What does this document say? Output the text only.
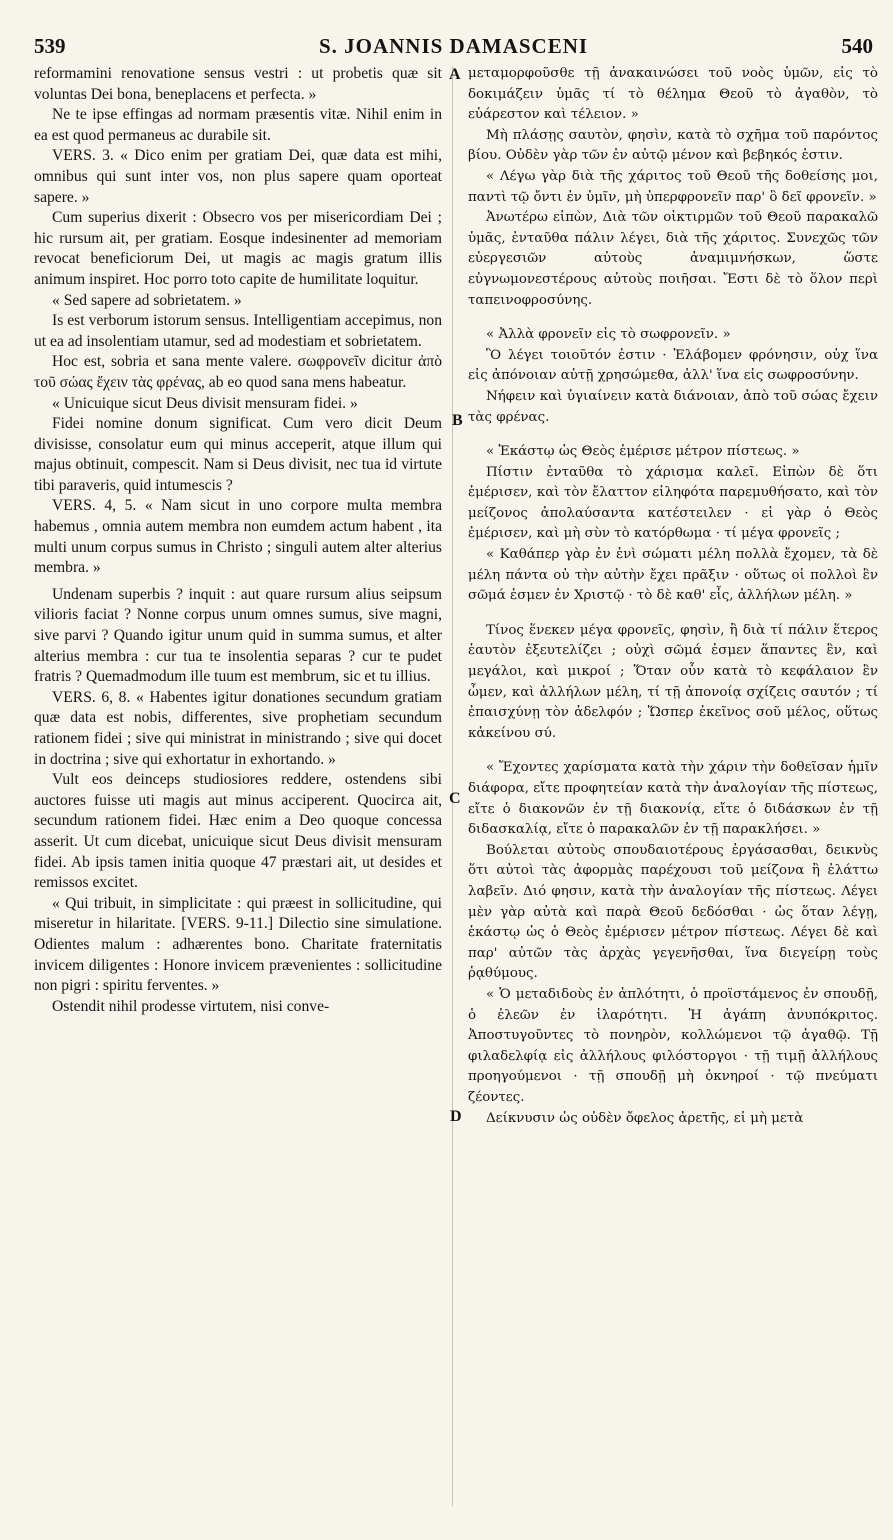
539	S. JOANNIS DAMASCENI	540
A
B
C
D

reformamini renovatione sensus vestri : ut probetis quæ sit voluntas Dei bona, beneplacens et perfecta. »

Ne te ipse effingas ad normam præsentis vitæ. Nihil enim in ea est quod permaneus ac durabile sit.

VERS. 3. « Dico enim per gratiam Dei, quæ data est mihi, omnibus qui sunt inter vos, non plus sapere quam oporteat sapere. »

Cum superius dixerit : Obsecro vos per misericordiam Dei ; hic rursum ait, per gratiam. Eosque indesinenter ad memoriam revocat beneficiorum Dei, ut magis ac magis gratum illis animum inspiret. Hoc porro toto capite de humilitate loquitur.

« Sed sapere ad sobrietatem. »

Is est verborum istorum sensus. Intelligentiam accepimus, non ut ea ad insolentiam utamur, sed ad modestiam et sobrietatem.

Hoc est, sobria et sana mente valere. σωφρονεῖν dicitur ἀπὸ τοῦ σώας ἔχειν τὰς φρένας, ab eo quod sana mens habeatur.

« Unicuique sicut Deus divisit mensuram fidei. »

Fidei nomine donum significat. Cum vero dicit Deum divisisse, consolatur eum qui minus acceperit, atque illum qui majus obtinuit, compescit. Nam si Deus divisit, nec tua id virtute tibi paraveris, quid intumescis ?

VERS. 4, 5. « Nam sicut in uno corpore multa membra habemus , omnia autem membra non eumdem actum habent , ita multi unum corpus sumus in Christo ; singuli autem alter alterius membra. »

Undenam superbis ? inquit : aut quare rursum alius seipsum vilioris faciat ? Nonne corpus unum omnes sumus, sive magni, sive parvi ? Quando igitur unum quid in summa sumus, et alter alterius membra : cur tua te insolentia separas ? cur te pudet fratris ? Quemadmodum ille tuum est membrum, sic et tu illius.

VERS. 6, 8. « Habentes igitur donationes secundum gratiam quæ data est nobis, differentes, sive prophetiam secundum rationem fidei ; sive qui ministrat in ministrando ; sive qui docet in doctrina ; sive qui exhortatur in exhortando. »

Vult eos deinceps studiosiores reddere, ostendens sibi auctores fuisse uti magis aut minus acciperent. Quocirca ait, secundum rationem fidei. Hæc enim a Deo quoque concessa asserit. Ut cum dicebat, unicuique sicut Deus divisit mensuram fidei. Ab ipsis tamen initia quoque 47 præstari ait, ut desides et remissos excitet.

« Qui tribuit, in simplicitate : qui præest in sollicitudine, qui miseretur in hilaritate. [VERS. 9-11.] Dilectio sine simulatione. Odientes malum : adhærentes bono. Charitate fraternitatis invicem diligentes : Honore invicem prævenientes : sollicitudine non pigri : spiritu ferventes. »

Ostendit nihil prodesse virtutem, nisi conve-

μεταμορφοῦσθε τῇ ἀνακαινώσει τοῦ νοὸς ὑμῶν, εἰς τὸ δοκιμάζειν ὑμᾶς τί τὸ θέλημα Θεοῦ τὸ ἀγαθὸν, τὸ εὐάρεστον καὶ τέλειον. »

Μὴ πλάσῃς σαυτὸν, φησὶν, κατὰ τὸ σχῆμα τοῦ παρόντος βίου. Οὐδὲν γὰρ τῶν ἐν αὐτῷ μένον καὶ βεβηκός ἐστιν.

« Λέγω γὰρ διὰ τῆς χάριτος τοῦ Θεοῦ τῆς δοθείσης μοι, παντὶ τῷ ὄντι ἐν ὑμῖν, μὴ ὑπερφρονεῖν παρ' ὃ δεῖ φρονεῖν. »

Ἀνωτέρω εἰπὼν, Διὰ τῶν οἰκτιρμῶν τοῦ Θεοῦ παρακαλῶ ὑμᾶς, ἐνταῦθα πάλιν λέγει, διὰ τῆς χάριτος. Συνεχῶς τῶν εὐεργεσιῶν αὐτοὺς ἀναμιμνήσκων, ὥστε εὐγνωμονεστέρους αὐτοὺς ποιῆσαι. Ἔστι δὲ τὸ ὅλον περὶ ταπεινοφροσύνης.

« Ἀλλὰ φρονεῖν εἰς τὸ σωφρονεῖν. »

Ὃ λέγει τοιοῦτόν ἐστιν · Ἐλάβομεν φρόνησιν, οὐχ ἵνα εἰς ἀπόνοιαν αὐτῇ χρησώμεθα, ἀλλ' ἵνα εἰς σωφροσύνην.

Νήφειν καὶ ὑγιαίνειν κατὰ διάνοιαν, ἀπὸ τοῦ σώας ἔχειν τὰς φρένας.

« Ἑκάστῳ ὡς Θεὸς ἐμέρισε μέτρον πίστεως. »

Πίστιν ἐνταῦθα τὸ χάρισμα καλεῖ. Εἰπὼν δὲ ὅτι ἐμέρισεν, καὶ τὸν ἔλαττον εἰληφότα παρεμυθήσατο, καὶ τὸν μείζονος ἀπολαύσαντα κατέστειλεν · εἰ γὰρ ὁ Θεὸς ἐμέρισεν, καὶ μὴ σὺν τὸ κατόρθωμα · τί μέγα φρονεῖς ;

« Καθάπερ γὰρ ἐν ἑνὶ σώματι μέλη πολλὰ ἔχομεν, τὰ δὲ μέλη πάντα οὐ τὴν αὐτὴν ἔχει πρᾶξιν · οὕτως οἱ πολλοὶ ἓν σῶμά ἐσμεν ἐν Χριστῷ · τὸ δὲ καθ' εἷς, ἀλλήλων μέλη. »

Τίνος ἕνεκεν μέγα φρονεῖς, φησὶν, ἢ διὰ τί πάλιν ἕτερος ἑαυτὸν ἐξευτελίζει ; οὐχὶ σῶμά ἐσμεν ἅπαντες ἓν, καὶ μεγάλοι, καὶ μικροί ; Ὅταν οὖν κατὰ τὸ κεφάλαιον ἓν ὦμεν, καὶ ἀλλήλων μέλη, τί τῇ ἀπονοίᾳ σχίζεις σαυτόν ; τί ἐπαισχύνῃ τὸν ἀδελφόν ; Ὥσπερ ἐκεῖνος σοῦ μέλος, οὕτως κἀκείνου σύ.

« Ἔχοντες χαρίσματα κατὰ τὴν χάριν τὴν δοθεῖσαν ἡμῖν διάφορα, εἴτε προφητείαν κατὰ τὴν ἀναλογίαν τῆς πίστεως, εἴτε ὁ διακονῶν ἐν τῇ διακονίᾳ, εἴτε ὁ διδάσκων ἐν τῇ διδασκαλίᾳ, εἴτε ὁ παρακαλῶν ἐν τῇ παρακλήσει. »

Βούλεται αὐτοὺς σπουδαιοτέρους ἐργάσασθαι, δεικνὺς ὅτι αὐτοὶ τὰς ἀφορμὰς παρέχουσι τοῦ μείζονα ἢ ἐλάττω λαβεῖν. Διό φησιν, κατὰ τὴν ἀναλογίαν τῆς πίστεως. Λέγει μὲν γὰρ αὐτὰ καὶ παρὰ Θεοῦ δεδόσθαι · ὡς ὅταν λέγῃ, ἑκάστῳ ὡς ὁ Θεὸς ἐμέρισεν μέτρον πίστεως. Λέγει δὲ καὶ παρ' αὐτῶν τὰς ἀρχὰς γεγενῆσθαι, ἵνα διεγείρῃ τοὺς ῥᾳθύμους.

« Ὁ μεταδιδοὺς ἐν ἁπλότητι, ὁ προϊστάμενος ἐν σπουδῇ, ὁ ἐλεῶν ἐν ἱλαρότητι. Ἡ ἀγάπη ἀνυπόκριτος. Ἀποστυγοῦντες τὸ πονηρὸν, κολλώμενοι τῷ ἀγαθῷ. Τῇ φιλαδελφίᾳ εἰς ἀλλήλους φιλόστοργοι · τῇ τιμῇ ἀλλήλους προηγούμενοι · τῇ σπουδῇ μὴ ὀκνηροί · τῷ πνεύματι ζέοντες.

Δείκνυσιν ὡς οὐδὲν ὄφελος ἀρετῆς, εἰ μὴ μετὰ
